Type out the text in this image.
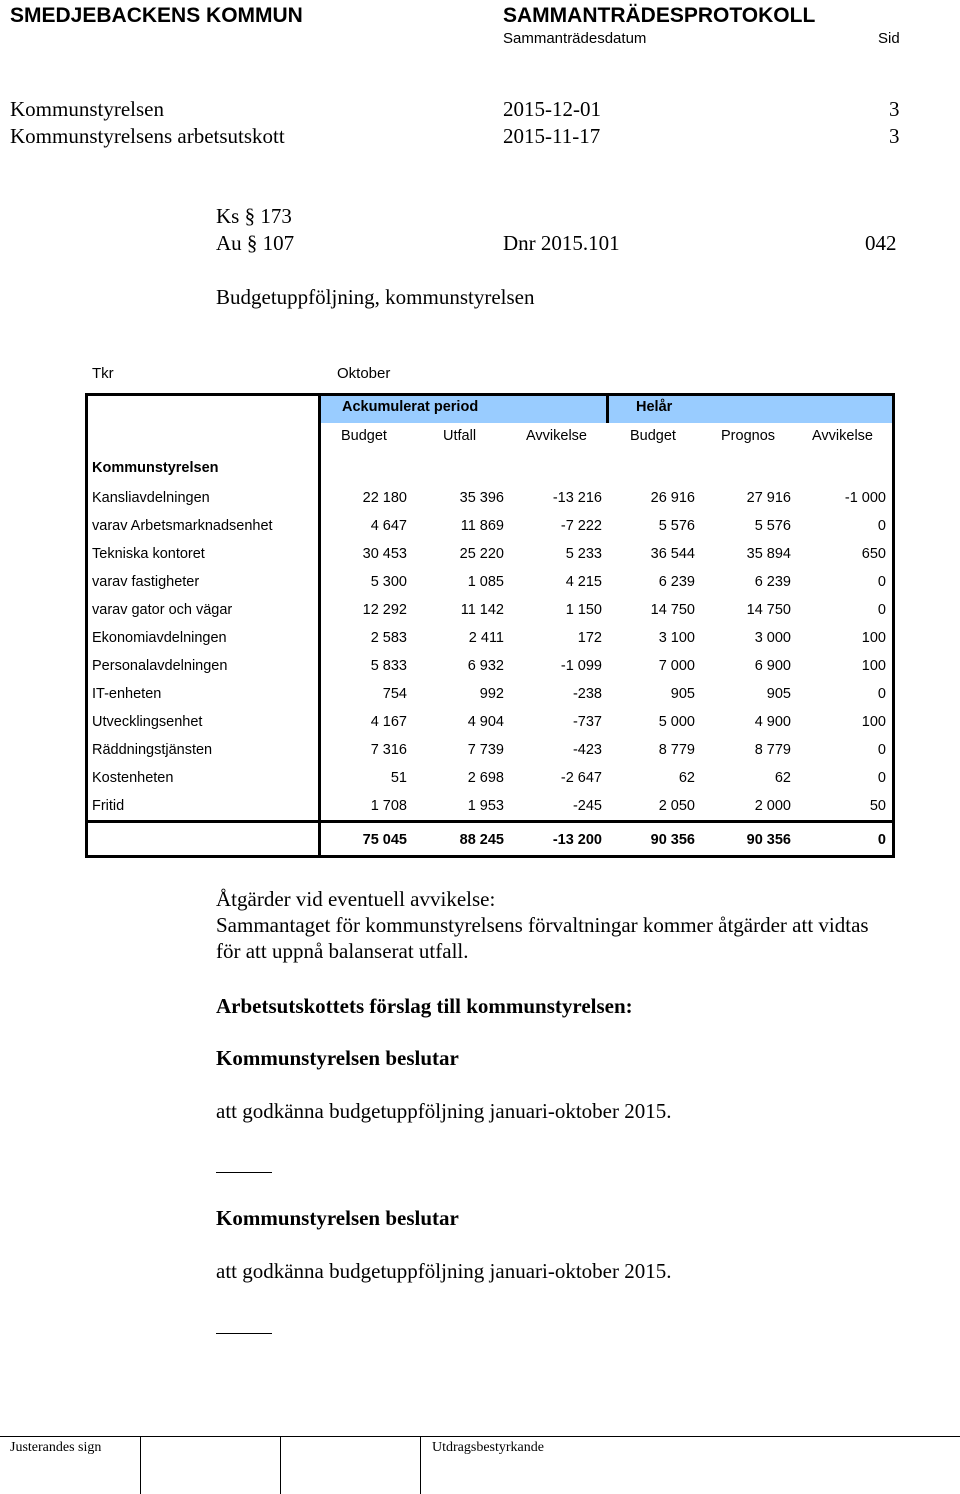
SMEDJEBACKENS KOMMUN	SAMMANTRÄDESPROTOKOLL
Sammanträdesdatum	Sid
Kommunstyrelsen	2015-12-01	3
Kommunstyrelsens arbetsutskott	2015-11-17	3
Ks § 173
Au § 107	Dnr 2015.101	042
Budgetuppföljning, kommunstyrelsen
Tkr	Oktober
Ackumulerat period	Helår
Budget	Utfall	Avvikelse	Budget	Prognos	Avvikelse
Kommunstyrelsen
Kansliavdelningen	22 180	35 396	-13 216	26 916	27 916	-1 000
varav Arbetsmarknadsenhet	4 647	11 869	-7 222	5 576	5 576	0
Tekniska kontoret	30 453	25 220	5 233	36 544	35 894	650
varav fastigheter	5 300	1 085	4 215	6 239	6 239	0
varav gator och vägar	12 292	11 142	1 150	14 750	14 750	0
Ekonomiavdelningen	2 583	2 411	172	3 100	3 000	100
Personalavdelningen	5 833	6 932	-1 099	7 000	6 900	100
IT-enheten	754	992	-238	905	905	0
Utvecklingsenhet	4 167	4 904	-737	5 000	4 900	100
Räddningstjänsten	7 316	7 739	-423	8 779	8 779	0
Kostenheten	51	2 698	-2 647	62	62	0
Fritid	1 708	1 953	-245	2 050	2 000	50
75 045	88 245	-13 200	90 356	90 356	0
Åtgärder vid eventuell avvikelse:
Sammantaget för kommunstyrelsens förvaltningar kommer åtgärder att vidtas
för att uppnå balanserat utfall.
Arbetsutskottets förslag till kommunstyrelsen:
Kommunstyrelsen beslutar
att godkänna budgetuppföljning januari-oktober 2015.
Kommunstyrelsen beslutar
att godkänna budgetuppföljning januari-oktober 2015.
Justerandes sign	Utdragsbestyrkande
